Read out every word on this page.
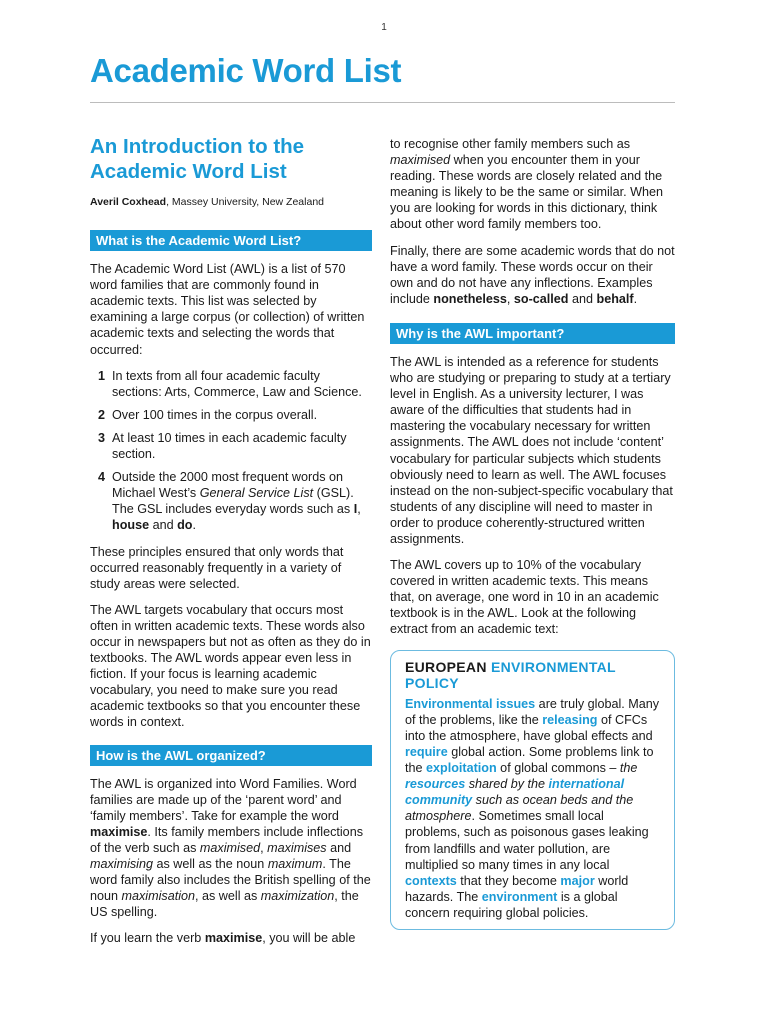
1
Academic Word List
An Introduction to the Academic Word List
Averil Coxhead, Massey University, New Zealand
What is the Academic Word List?

The Academic Word List (AWL) is a list of 570 word families that are commonly found in academic texts. This list was selected by examining a large corpus (or collection) of written academic texts and selecting the words that occurred:

1 In texts from all four academic faculty sections: Arts, Commerce, Law and Science.
2 Over 100 times in the corpus overall.
3 At least 10 times in each academic faculty section.
4 Outside the 2000 most frequent words on Michael West’s General Service List (GSL). The GSL includes everyday words such as I, house and do.

These principles ensured that only words that occurred reasonably frequently in a variety of study areas were selected.

The AWL targets vocabulary that occurs most often in written academic texts. These words also occur in newspapers but not as often as they do in textbooks. The AWL words appear even less in fiction. If your focus is learning academic vocabulary, you need to make sure you read academic textbooks so that you encounter these words in context.

How is the AWL organized?

The AWL is organized into Word Families. Word families are made up of the ‘parent word’ and ‘family members’. Take for example the word maximise. Its family members include inflections of the verb such as maximised, maximises and maximising as well as the noun maximum. The word family also includes the British spelling of the noun maximisation, as well as maximization, the US spelling.

If you learn the verb maximise, you will be able

to recognise other family members such as maximised when you encounter them in your reading. These words are closely related and the meaning is likely to be the same or similar. When you are looking for words in this dictionary, think about other word family members too.

Finally, there are some academic words that do not have a word family. These words occur on their own and do not have any inflections. Examples include nonetheless, so-called and behalf.

Why is the AWL important?

The AWL is intended as a reference for students who are studying or preparing to study at a tertiary level in English. As a university lecturer, I was aware of the difficulties that students had in mastering the vocabulary necessary for written assignments. The AWL does not include ‘content’ vocabulary for particular subjects which students obviously need to learn as well. The AWL focuses instead on the non-subject-specific vocabulary that students of any discipline will need to master in order to produce coherently-structured written assignments.

The AWL covers up to 10% of the vocabulary covered in written academic texts. This means that, on average, one word in 10 in an academic textbook is in the AWL. Look at the following extract from an academic text:

EUROPEAN ENVIRONMENTAL POLICY
Environmental issues are truly global. Many of the problems, like the releasing of CFCs into the atmosphere, have global effects and require global action. Some problems link to the exploitation of global commons – the resources shared by the international community such as ocean beds and the atmosphere. Sometimes small local problems, such as poisonous gases leaking from landfills and water pollution, are multiplied so many times in any local contexts that they become major world hazards. The environment is a global concern requiring global policies.
